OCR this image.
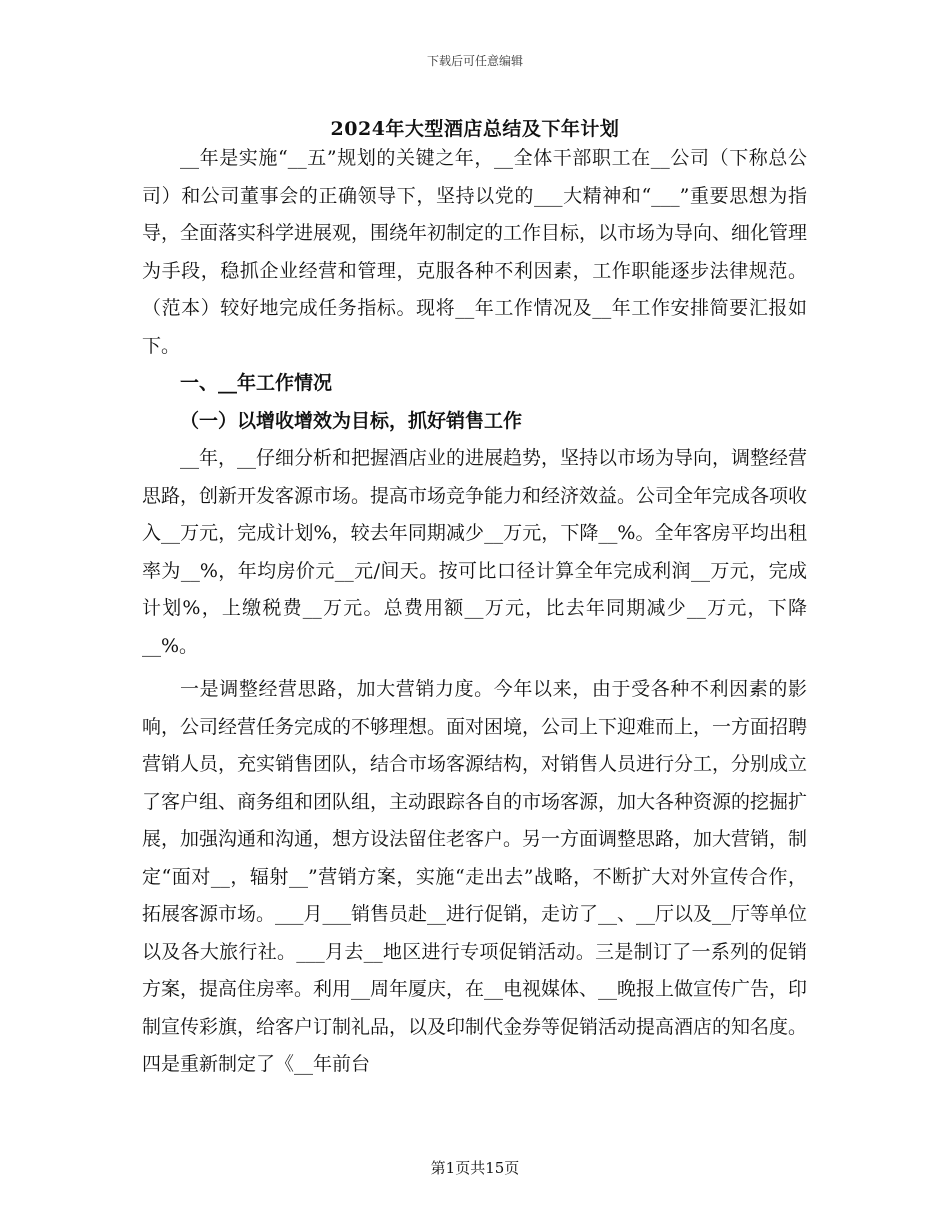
下载后可任意编辑
2024年大型酒店总结及下年计划

__年是实施“__五”规划的关键之年，__全体干部职工在__公司（下称总公司）和公司董事会的正确领导下，坚持以党的___大精神和“___”重要思想为指导，全面落实科学进展观，围绕年初制定的工作目标，以市场为导向、细化管理为手段，稳抓企业经营和管理，克服各种不利因素，工作职能逐步法律规范。（范本）较好地完成任务指标。现将__年工作情况及__年工作安排简要汇报如下。

一、__年工作情况

（一）以增收增效为目标，抓好销售工作

__年，__仔细分析和把握酒店业的进展趋势，坚持以市场为导向，调整经营思路，创新开发客源市场。提高市场竞争能力和经济效益。公司全年完成各项收入__万元，完成计划%，较去年同期减少__万元，下降__%。全年客房平均出租率为__%，年均房价元__元/间天。按可比口径计算全年完成利润__万元，完成计划%，上缴税费__万元。总费用额__万元，比去年同期减少__万元，下降__%。

一是调整经营思路，加大营销力度。今年以来，由于受各种不利因素的影响，公司经营任务完成的不够理想。面对困境，公司上下迎难而上，一方面招聘营销人员，充实销售团队，结合市场客源结构，对销售人员进行分工，分别成立了客户组、商务组和团队组，主动跟踪各自的市场客源，加大各种资源的挖掘扩展，加强沟通和沟通，想方设法留住老客户。另一方面调整思路，加大营销，制定“面对__，辐射__”营销方案，实施“走出去”战略，不断扩大对外宣传合作，拓展客源市场。___月___销售员赴__进行促销，走访了__、__厅以及__厅等单位以及各大旅行社。___月去__地区进行专项促销活动。三是制订了一系列的促销方案，提高住房率。利用__周年厦庆，在__电视媒体、__晚报上做宣传广告，印制宣传彩旗，给客户订制礼品，以及印制代金券等促销活动提高酒店的知名度。四是重新制定了《__年前台

第1页共15页
